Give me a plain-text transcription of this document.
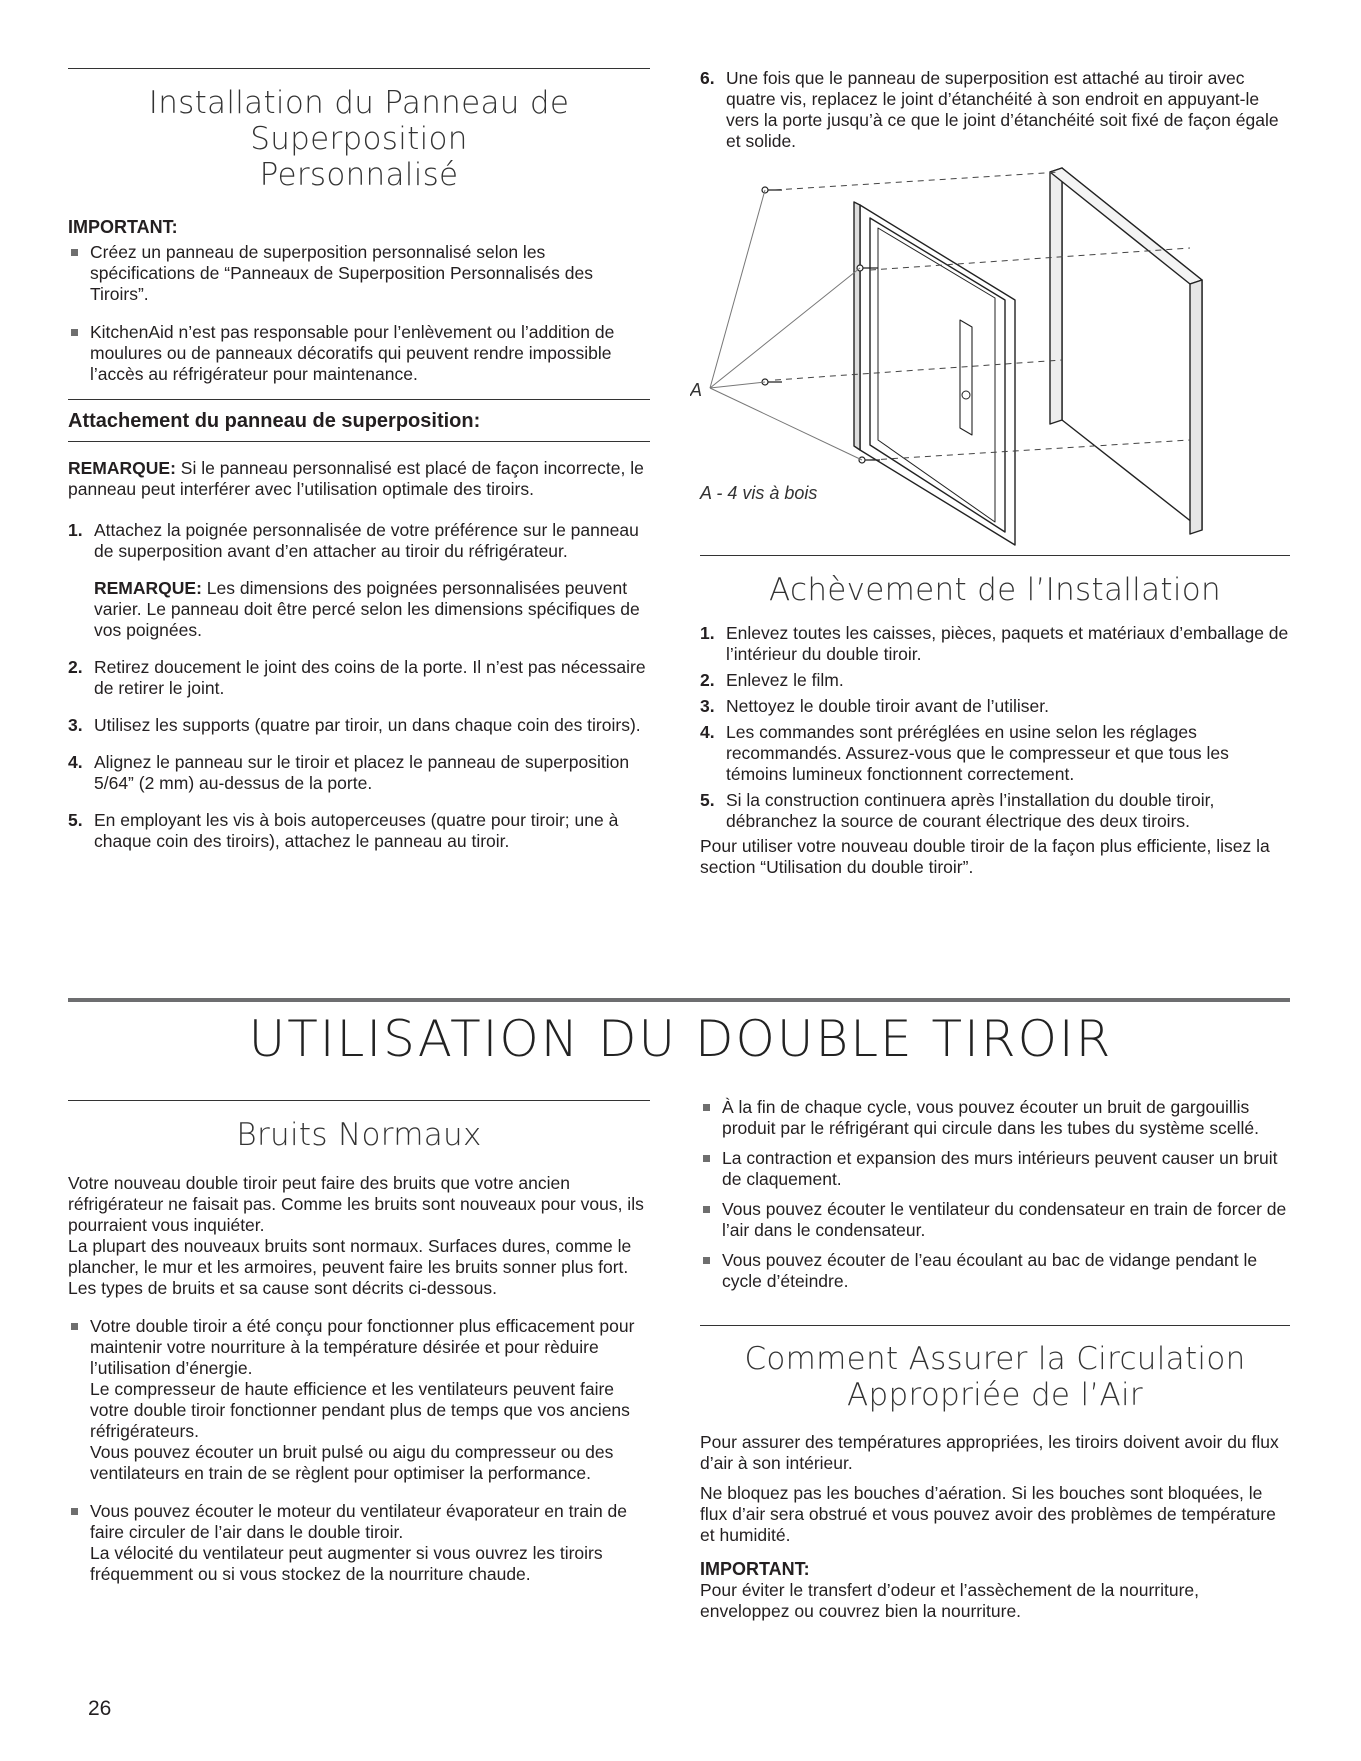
Installation du Panneau de Superposition
Personnalisé
IMPORTANT:
Créez un panneau de superposition personnalisé selon les spécifications de “Panneaux de Superposition Personnalisés des Tiroirs”.
KitchenAid n’est pas responsable pour l’enlèvement ou l’addition de moulures ou de panneaux décoratifs qui peuvent rendre impossible l’accès au réfrigérateur pour maintenance.
Attachement du panneau de superposition:

REMARQUE: Si le panneau personnalisé est placé de façon incorrecte, le panneau peut interférer avec l’utilisation optimale des tiroirs.

1. Attachez la poignée personnalisée de votre préférence sur le panneau de superposition avant d’en attacher au tiroir du réfrigérateur.

REMARQUE: Les dimensions des poignées personnalisées peuvent varier. Le panneau doit être percé selon les dimensions spécifiques de vos poignées.

2. Retirez doucement le joint des coins de la porte. Il n’est pas nécessaire de retirer le joint.
3. Utilisez les supports (quatre par tiroir, un dans chaque coin des tiroirs).
4. Alignez le panneau sur le tiroir et placez le panneau de superposition 5/64” (2 mm) au-dessus de la porte.
5. En employant les vis à bois autoperceuses (quatre pour tiroir; une à chaque coin des tiroirs), attachez le panneau au tiroir.
6. Une fois que le panneau de superposition est attaché au tiroir avec quatre vis, replacez le joint d’étanchéité à son endroit en appuyant-le vers la porte jusqu’à ce que le joint d’étanchéité soit fixé de façon égale et solide.
A
A - 4 vis à bois
Achèvement de l’Installation
1. Enlevez toutes les caisses, pièces, paquets et matériaux d’emballage de l’intérieur du double tiroir.
2. Enlevez le film.
3. Nettoyez le double tiroir avant de l’utiliser.
4. Les commandes sont préréglées en usine selon les réglages recommandés. Assurez-vous que le compresseur et que tous les témoins lumineux fonctionnent correctement.
5. Si la construction continuera après l’installation du double tiroir, débranchez la source de courant électrique des deux tiroirs.

Pour utiliser votre nouveau double tiroir de la façon plus efficiente, lisez la section “Utilisation du double tiroir”.

UTILISATION DU DOUBLE TIROIR
Bruits Normaux

Votre nouveau double tiroir peut faire des bruits que votre ancien réfrigérateur ne faisait pas. Comme les bruits sont nouveaux pour vous, ils pourraient vous inquiéter.

La plupart des nouveaux bruits sont normaux. Surfaces dures, comme le plancher, le mur et les armoires, peuvent faire les bruits sonner plus fort. Les types de bruits et sa cause sont décrits ci-dessous.

Votre double tiroir a été conçu pour fonctionner plus efficacement pour maintenir votre nourriture à la température désirée et pour rèduire l’utilisation d’énergie.
Le compresseur de haute efficience et les ventilateurs peuvent faire votre double tiroir fonctionner pendant plus de temps que vos anciens réfrigérateurs.
Vous pouvez écouter un bruit pulsé ou aigu du compresseur ou des ventilateurs en train de se règlent pour optimiser la performance.
Vous pouvez écouter le moteur du ventilateur évaporateur en train de faire circuler de l’air dans le double tiroir.
La vélocité du ventilateur peut augmenter si vous ouvrez les tiroirs fréquemment ou si vous stockez de la nourriture chaude.
À la fin de chaque cycle, vous pouvez écouter un bruit de gargouillis produit par le réfrigérant qui circule dans les tubes du système scellé.
La contraction et expansion des murs intérieurs peuvent causer un bruit de claquement.
Vous pouvez écouter le ventilateur du condensateur en train de forcer de l’air dans le condensateur.
Vous pouvez écouter de l’eau écoulant au bac de vidange pendant le cycle d’éteindre.
Comment Assurer la Circulation
Appropriée de l’Air

Pour assurer des températures appropriées, les tiroirs doivent avoir du flux d’air à son intérieur.

Ne bloquez pas les bouches d’aération. Si les bouches sont bloquées, le flux d’air sera obstrué et vous pouvez avoir des problèmes de température et humidité.

IMPORTANT:

Pour éviter le transfert d’odeur et l’assèchement de la nourriture, enveloppez ou couvrez bien la nourriture.

26
